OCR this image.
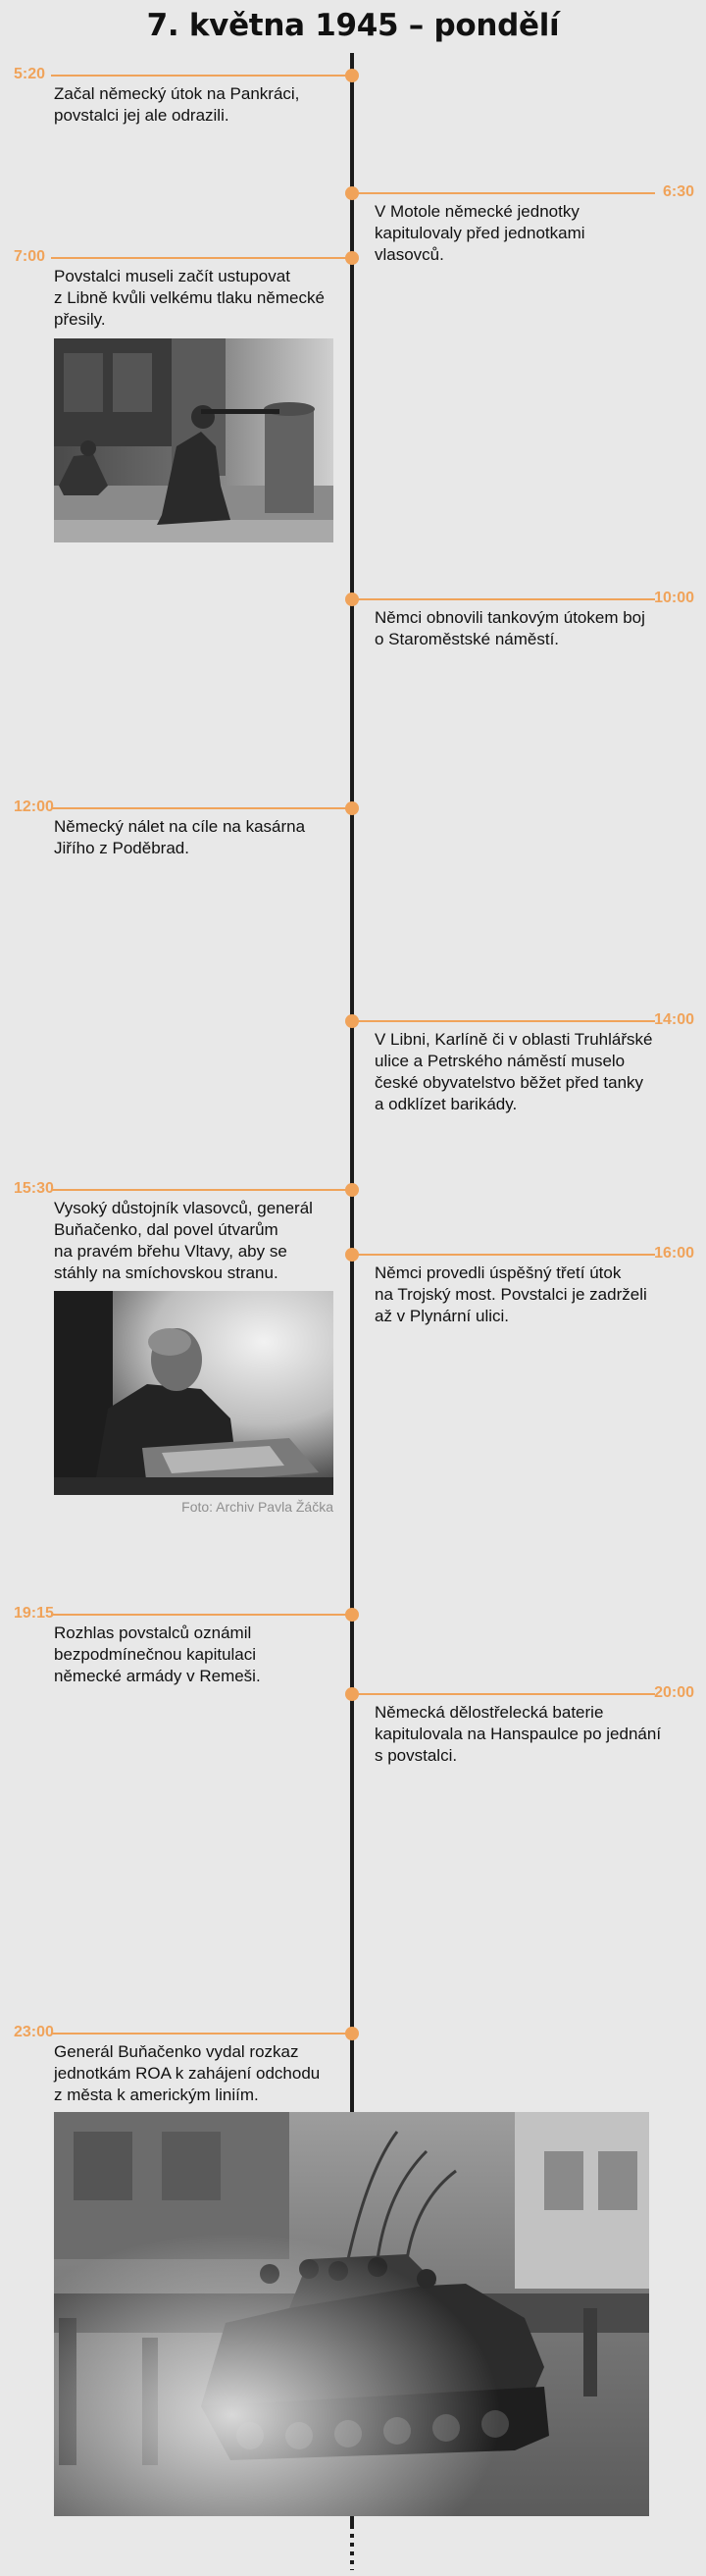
7. května 1945 – pondělí
5:20

Začal německý útok na Pankráci,
povstalci jej ale odrazili.

6:30

V Motole německé jednotky
kapitulovaly před jednotkami
vlasovců.

7:00

Povstalci museli začít ustupovat
z Libně kvůli velkému tlaku německé
přesily.

10:00

Němci obnovili tankovým útokem boj
o Staroměstské náměstí.

12:00

Německý nálet na cíle na kasárna
Jiřího z Poděbrad.

14:00

V Libni, Karlíně či v oblasti Truhlářské
ulice a Petrského náměstí muselo
české obyvatelstvo běžet před tanky
a odklízet barikády.

15:30

Vysoký důstojník vlasovců, generál
Buňačenko, dal povel útvarům
na pravém břehu Vltavy, aby se
stáhly na smíchovskou stranu.

16:00

Němci provedli úspěšný třetí útok
na Trojský most. Povstalci je zadrželi
až v Plynární ulici.

Foto: Archiv Pavla Žáčka
19:15

Rozhlas povstalců oznámil
bezpodmínečnou kapitulaci
německé armády v Remeši.

20:00

Německá dělostřelecká baterie
kapitulovala na Hanspaulce po jednání
s povstalci.

23:00

Generál Buňačenko vydal rozkaz
jednotkám ROA k zahájení odchodu
z města k americkým liniím.
